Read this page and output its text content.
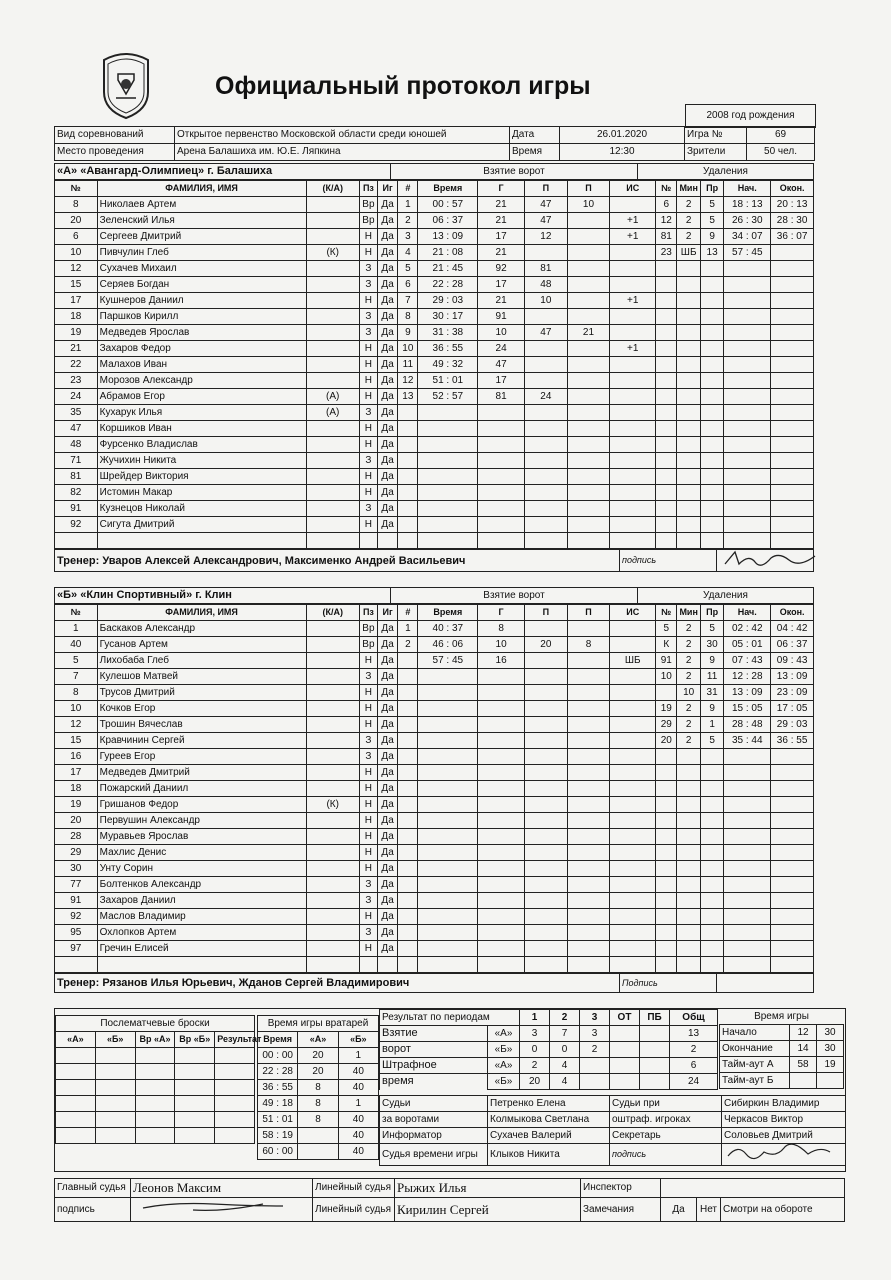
Официальный протокол игры
2008 год рождения
Вид соревнований	Открытое первенство Московской области среди юношей	Дата	26.01.2020	Игра №	69
Место проведения	Арена Балашиха им. Ю.Е. Ляпкина	Время	12:30	Зрители	50 чел.
«А» «Авангард-Олимпиец» г. Балашиха	Взятие ворот	Удаления
№	ФАМИЛИЯ, ИМЯ	(К/А)	Пз	Иг	#	Время	Г	П	П	ИС	№	Мин	Пр	Нач.	Окон.
8	Николаев Артем		Вр	Да	1	00 : 57	21	47	10		6	2	5	18 : 13	20 : 13
20	Зеленский Илья		Вр	Да	2	06 : 37	21	47		+1	12	2	5	26 : 30	28 : 30
6	Сергеев Дмитрий		Н	Да	3	13 : 09	17	12		+1	81	2	9	34 : 07	36 : 07
10	Пивчулин Глеб	(К)	Н	Да	4	21 : 08	21				23	ШБ	13	57 : 45	
12	Сухачев Михаил		З	Да	5	21 : 45	92	81							
15	Серяев Богдан		З	Да	6	22 : 28	17	48							
17	Кушнеров Даниил		Н	Да	7	29 : 03	21	10		+1					
18	Паршков Кирилл		З	Да	8	30 : 17	91								
19	Медведев Ярослав		З	Да	9	31 : 38	10	47	21						
21	Захаров Федор		Н	Да	10	36 : 55	24			+1					
22	Малахов Иван		Н	Да	11	49 : 32	47								
23	Морозов Александр		Н	Да	12	51 : 01	17								
24	Абрамов Егор	(А)	Н	Да	13	52 : 57	81	24							
35	Кухарук Илья	(А)	З	Да											
47	Коршиков Иван		Н	Да											
48	Фурсенко Владислав		Н	Да											
71	Жучихин Никита		З	Да											
81	Шрейдер Виктория		Н	Да											
82	Истомин Макар		Н	Да											
91	Кузнецов Николай		З	Да											
92	Сигута Дмитрий		Н	Да											

Тренер: Уваров Алексей Александрович, Максименко Андрей Васильевич	подпись	
«Б» «Клин Спортивный» г. Клин	Взятие ворот	Удаления
№	ФАМИЛИЯ, ИМЯ	(К/А)	Пз	Иг	#	Время	Г	П	П	ИС	№	Мин	Пр	Нач.	Окон.
1	Баскаков Александр		Вр	Да	1	40 : 37	8				5	2	5	02 : 42	04 : 42
40	Гусанов Артем		Вр	Да	2	46 : 06	10	20	8		К	2	30	05 : 01	06 : 37
5	Лихобаба Глеб		Н	Да		57 : 45	16			ШБ	91	2	9	07 : 43	09 : 43
7	Кулешов Матвей		З	Да							10	2	11	12 : 28	13 : 09
8	Трусов Дмитрий		Н	Да								10	31	13 : 09	23 : 09
10	Кочков Егор		Н	Да							19	2	9	15 : 05	17 : 05
12	Трошин Вячеслав		Н	Да							29	2	1	28 : 48	29 : 03
15	Кравчинин Сергей		З	Да							20	2	5	35 : 44	36 : 55
16	Гуреев Егор		З	Да											
17	Медведев Дмитрий		Н	Да											
18	Пожарский Даниил		Н	Да											
19	Гришанов Федор	(К)	Н	Да											
20	Первушин Александр		Н	Да											
28	Муравьев Ярослав		Н	Да											
29	Махлис Денис		Н	Да											
30	Унту Сорин		Н	Да											
77	Болтенков Александр		З	Да											
91	Захаров Даниил		З	Да											
92	Маслов Владимир		Н	Да											
95	Охлопков Артем		З	Да											
97	Гречин Елисей		Н	Да											

Тренер: Рязанов Илья Юрьевич, Жданов Сергей Владимирович	Подпись	
Послематчевые броски				
«А»	«Б»	Вр «А»	Вр «Б»	Результат

Время игры вратарей		
Время	«А»	«Б»
00 : 00	20	1
22 : 28	20	40
36 : 55	8	40
49 : 18	8	1
51 : 01	8	40
58 : 19		40
60 : 00		40
Результат по периодам		1	2	3	ОТ	ПБ	Общ
Взятие	«А»	3	7	3			13
ворот	«Б»	0	0	2			2
Штрафное	«А»	2	4				6
время	«Б»	20	4				24
Время игры		
Начало	12	30
Окончание	14	30
Тайм-аут А	58	19
Тайм-аут Б		
Судьи	Петренко Елена	Судьи при	Сибиркин Владимир
за воротами	Колмыкова Светлана	оштраф. игроках	Черкасов Виктор
Информатор	Сухачев Валерий	Секретарь	Соловьев Дмитрий
Судья времени игры	Клыков Никита	подпись	
Главный судья	Леонов Максим	Линейный судья	Рыжих Илья	Инспектор			
подпись		Линейный судья	Кирилин Сергей	Замечания	Да	Нет	Смотри на обороте
